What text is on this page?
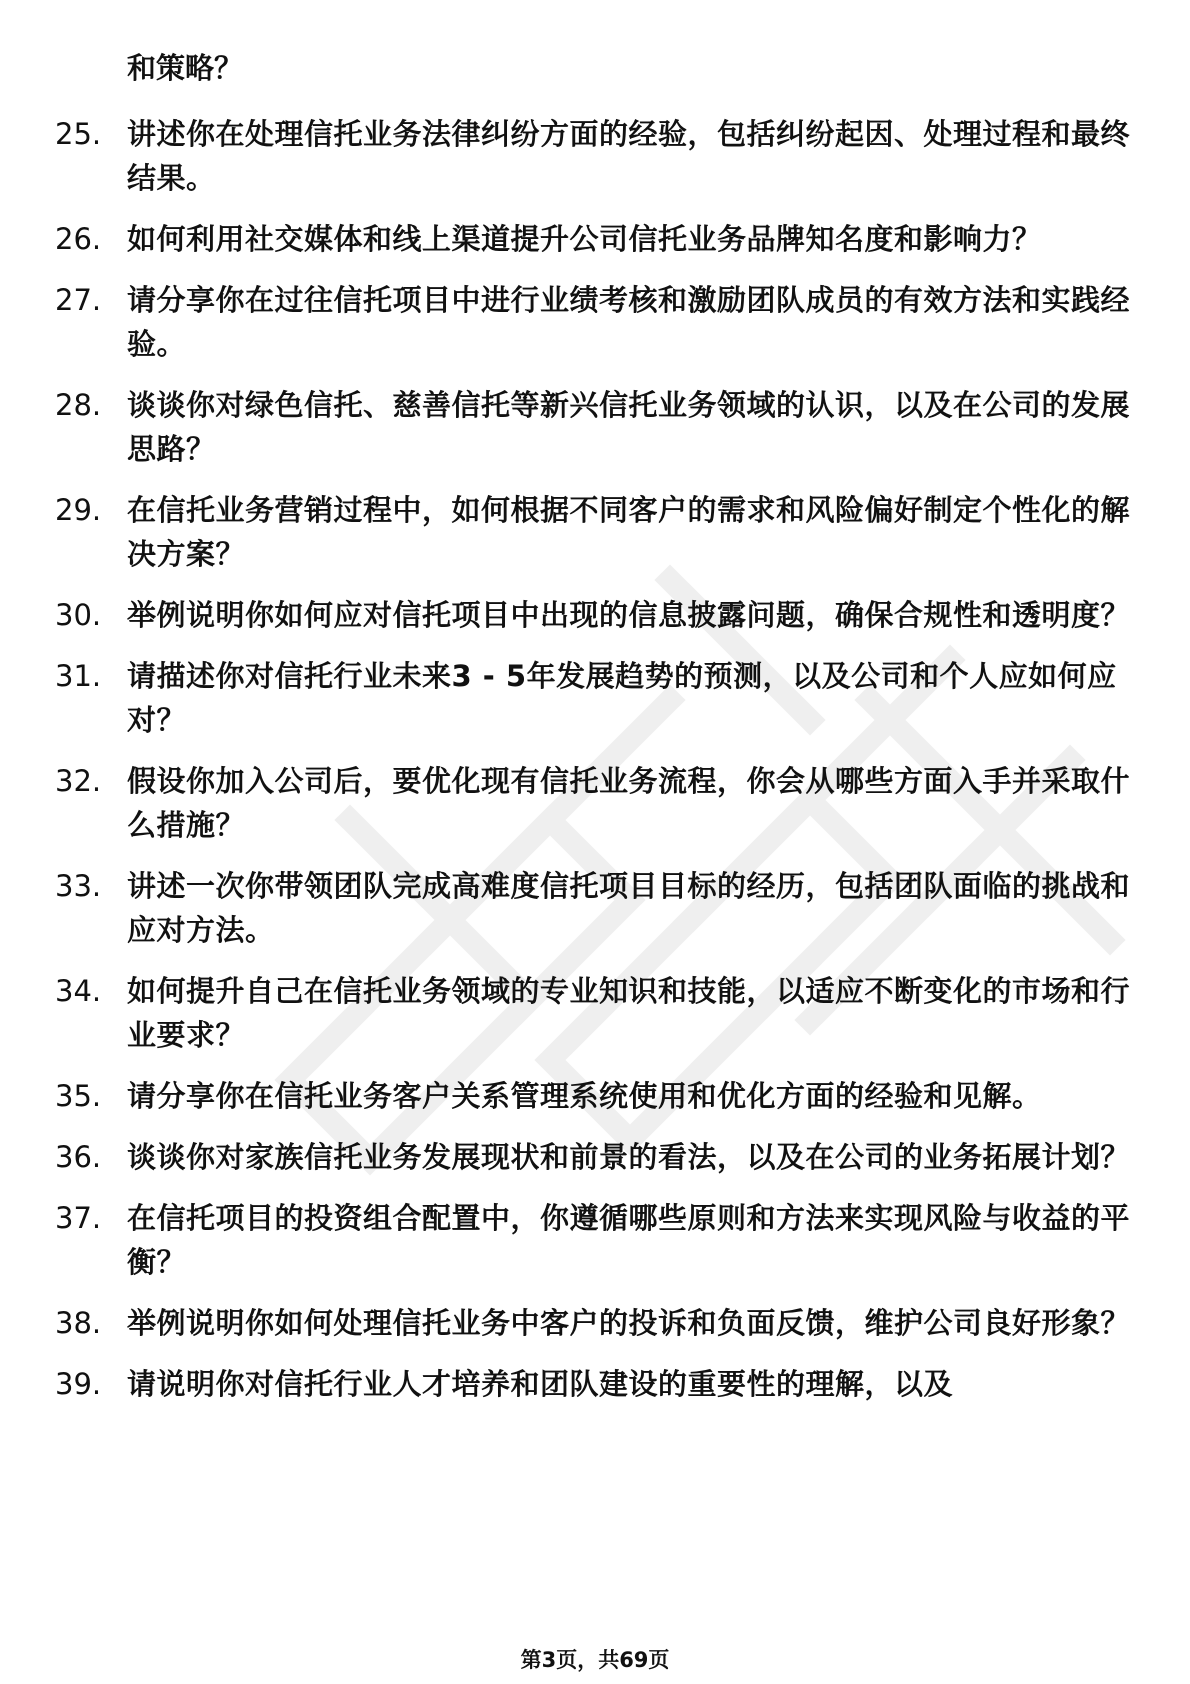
和策略？
25. 讲述你在处理信托业务法律纠纷方面的经验，包括纠纷起因、处理过程和最终结果。
26. 如何利用社交媒体和线上渠道提升公司信托业务品牌知名度和影响力？
27. 请分享你在过往信托项目中进行业绩考核和激励团队成员的有效方法和实践经验。
28. 谈谈你对绿色信托、慈善信托等新兴信托业务领域的认识，以及在公司的发展思路？
29. 在信托业务营销过程中，如何根据不同客户的需求和风险偏好制定个性化的解决方案？
30. 举例说明你如何应对信托项目中出现的信息披露问题，确保合规性和透明度？
31. 请描述你对信托行业未来3 - 5年发展趋势的预测，以及公司和个人应如何应对？
32. 假设你加入公司后，要优化现有信托业务流程，你会从哪些方面入手并采取什么措施？
33. 讲述一次你带领团队完成高难度信托项目目标的经历，包括团队面临的挑战和应对方法。
34. 如何提升自己在信托业务领域的专业知识和技能，以适应不断变化的市场和行业要求？
35. 请分享你在信托业务客户关系管理系统使用和优化方面的经验和见解。
36. 谈谈你对家族信托业务发展现状和前景的看法，以及在公司的业务拓展计划？
37. 在信托项目的投资组合配置中，你遵循哪些原则和方法来实现风险与收益的平衡？
38. 举例说明你如何处理信托业务中客户的投诉和负面反馈，维护公司良好形象？
39. 请说明你对信托行业人才培养和团队建设的重要性的理解，以及
第3页，共69页
